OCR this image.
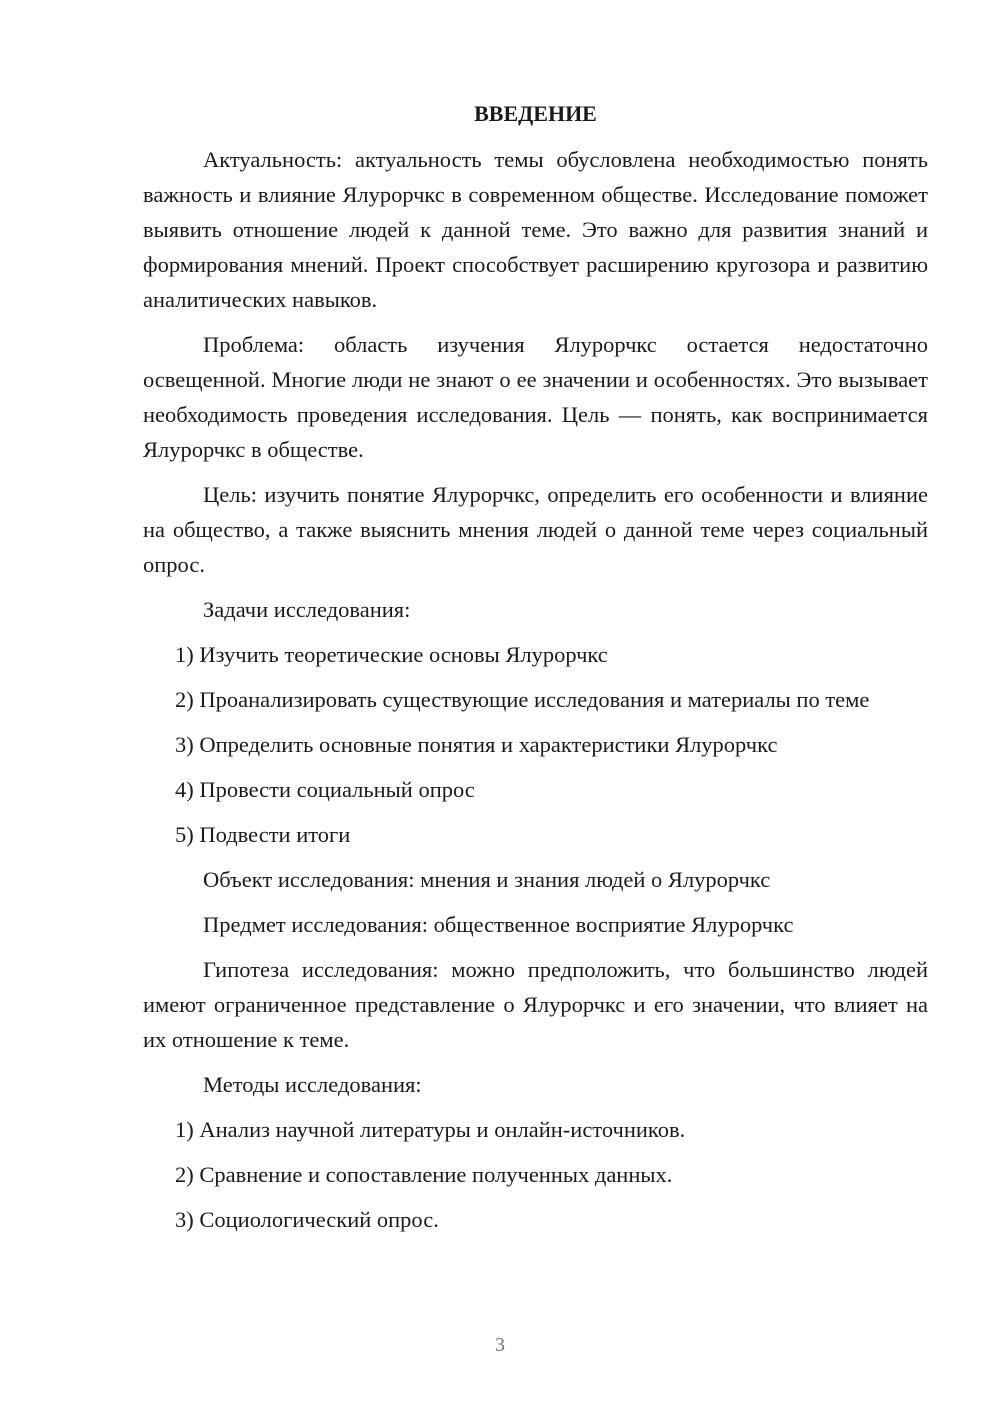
ВВЕДЕНИЕ

Актуальность: актуальность темы обусловлена необходимостью понять важность и влияние Ялурорчкс в современном обществе. Исследование поможет выявить отношение людей к данной теме. Это важно для развития знаний и формирования мнений. Проект способствует расширению кругозора и развитию аналитических навыков.

Проблема: область изучения Ялурорчкс остается недостаточно освещенной. Многие люди не знают о ее значении и особенностях. Это вызывает необходимость проведения исследования. Цель — понять, как воспринимается Ялурорчкс в обществе.

Цель: изучить понятие Ялурорчкс, определить его особенности и влияние на общество, а также выяснить мнения людей о данной теме через социальный опрос.

Задачи исследования:

1) Изучить теоретические основы Ялурорчкс

2) Проанализировать существующие исследования и материалы по теме

3) Определить основные понятия и характеристики Ялурорчкс

4) Провести социальный опрос

5) Подвести итоги

Объект исследования: мнения и знания людей о Ялурорчкс

Предмет исследования: общественное восприятие Ялурорчкс

Гипотеза исследования: можно предположить, что большинство людей имеют ограниченное представление о Ялурорчкс и его значении, что влияет на их отношение к теме.

Методы исследования:

1) Анализ научной литературы и онлайн-источников.

2) Сравнение и сопоставление полученных данных.

3) Социологический опрос.

3
